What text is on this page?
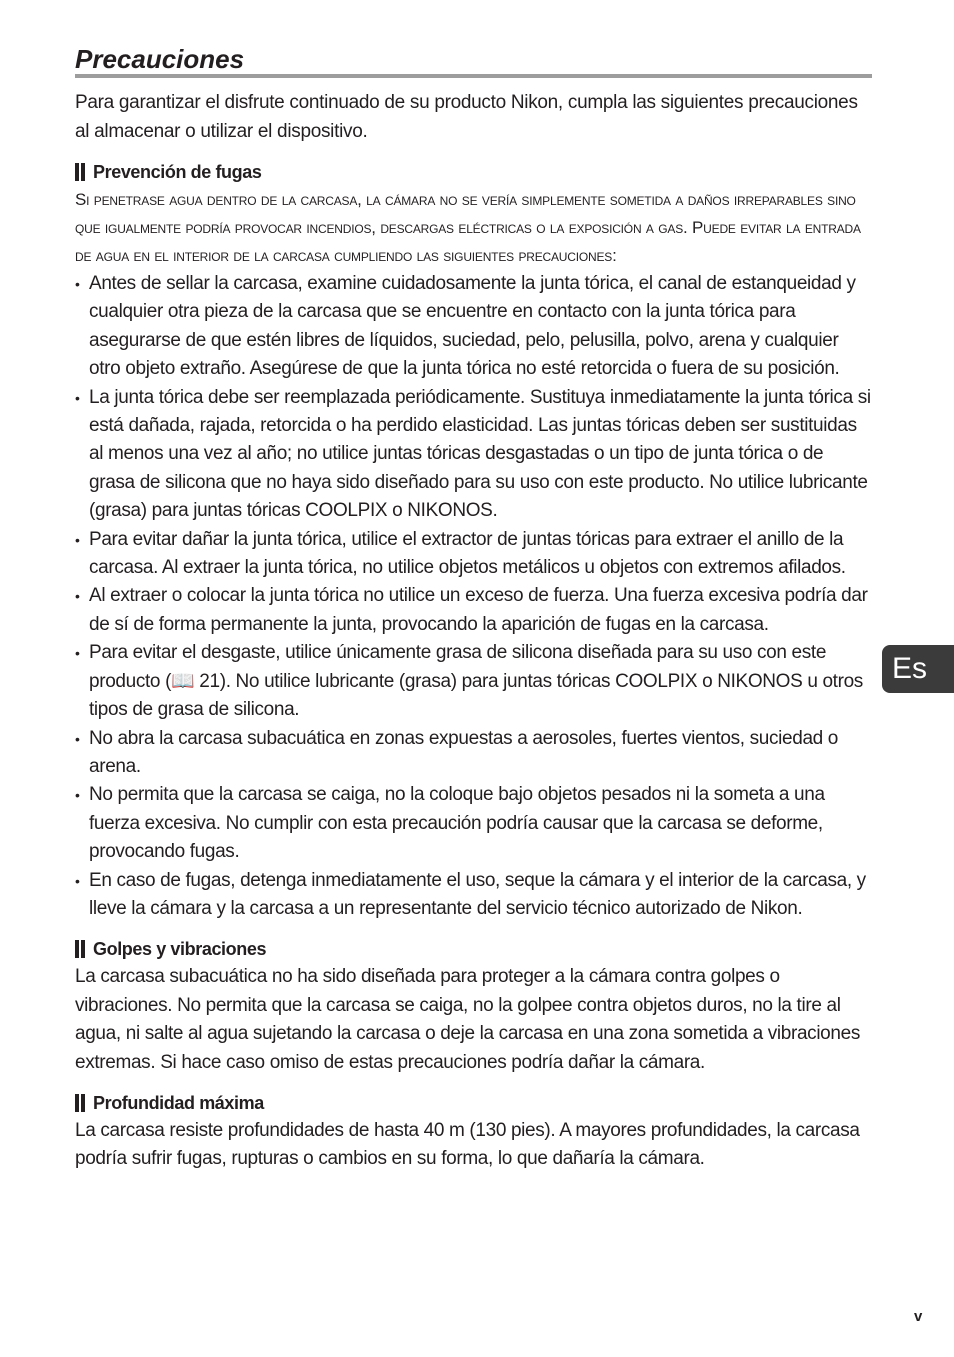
Precauciones

Para garantizar el disfrute continuado de su producto Nikon, cumpla las siguientes precauciones al almacenar o utilizar el dispositivo.

Prevención de fugas

Si penetrase agua dentro de la carcasa, la cámara no se vería simplemente sometida a daños irreparables sino que igualmente podría provocar incendios, descargas eléctricas o la exposición a gas. Puede evitar la entrada de agua en el interior de la carcasa cumpliendo las siguientes precauciones:

• Antes de sellar la carcasa, examine cuidadosamente la junta tórica, el canal de estanqueidad y cualquier otra pieza de la carcasa que se encuentre en contacto con la junta tórica para asegurarse de que estén libres de líquidos, suciedad, pelo, pelusilla, polvo, arena y cualquier otro objeto extraño. Asegúrese de que la junta tórica no esté retorcida o fuera de su posición.
• La junta tórica debe ser reemplazada periódicamente. Sustituya inmediatamente la junta tórica si está dañada, rajada, retorcida o ha perdido elasticidad. Las juntas tóricas deben ser sustituidas al menos una vez al año; no utilice juntas tóricas desgastadas o un tipo de junta tórica o de grasa de silicona que no haya sido diseñado para su uso con este producto. No utilice lubricante (grasa) para juntas tóricas COOLPIX o NIKONOS.
• Para evitar dañar la junta tórica, utilice el extractor de juntas tóricas para extraer el anillo de la carcasa. Al extraer la junta tórica, no utilice objetos metálicos u objetos con extremos afilados.
• Al extraer o colocar la junta tórica no utilice un exceso de fuerza. Una fuerza excesiva podría dar de sí de forma permanente la junta, provocando la aparición de fugas en la carcasa.
• Para evitar el desgaste, utilice únicamente grasa de silicona diseñada para su uso con este producto (📖 21). No utilice lubricante (grasa) para juntas tóricas COOLPIX o NIKONOS u otros tipos de grasa de silicona.
• No abra la carcasa subacuática en zonas expuestas a aerosoles, fuertes vientos, suciedad o arena.
• No permita que la carcasa se caiga, no la coloque bajo objetos pesados ni la someta a una fuerza excesiva. No cumplir con esta precaución podría causar que la carcasa se deforme, provocando fugas.
• En caso de fugas, detenga inmediatamente el uso, seque la cámara y el interior de la carcasa, y lleve la cámara y la carcasa a un representante del servicio técnico autorizado de Nikon.
Golpes y vibraciones

La carcasa subacuática no ha sido diseñada para proteger a la cámara contra golpes o vibraciones. No permita que la carcasa se caiga, no la golpee contra objetos duros, no la tire al agua, ni salte al agua sujetando la carcasa o deje la carcasa en una zona sometida a vibraciones extremas. Si hace caso omiso de estas precauciones podría dañar la cámara.

Profundidad máxima

La carcasa resiste profundidades de hasta 40 m (130 pies). A mayores profundidades, la carcasa podría sufrir fugas, rupturas o cambios en su forma, lo que dañaría la cámara.

Es
v
